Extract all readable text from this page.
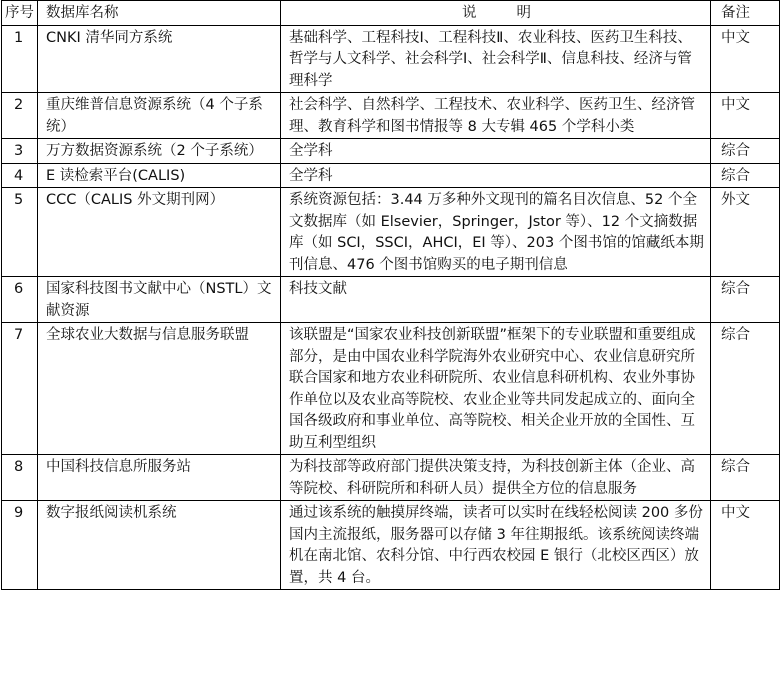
序号	数据库名称	说 明	备注
1	CNKI 清华同方系统	基础科学、工程科技Ⅰ、工程科技Ⅱ、农业科技、医药卫生科技、哲学与人文科学、社会科学Ⅰ、社会科学Ⅱ、信息科技、经济与管理科学	中文
2	重庆维普信息资源系统（4 个子系统）	社会科学、自然科学、工程技术、农业科学、医药卫生、经济管理、教育科学和图书情报等 8 大专辑 465 个学科小类	中文
3	万方数据资源系统（2 个子系统）	全学科	综合
4	E 读检索平台(CALIS)	全学科	综合
5	CCC（CALIS 外文期刊网）	系统资源包括：3.44 万多种外文现刊的篇名目次信息、52 个全文数据库（如 Elsevier，Springer，Jstor 等）、12 个文摘数据库（如 SCI，SSCI，AHCI，EI 等）、203 个图书馆的馆藏纸本期刊信息、476 个图书馆购买的电子期刊信息	外文
6	国家科技图书文献中心（NSTL）文献资源	科技文献	综合
7	全球农业大数据与信息服务联盟	该联盟是“国家农业科技创新联盟”框架下的专业联盟和重要组成部分，是由中国农业科学院海外农业研究中心、农业信息研究所联合国家和地方农业科研院所、农业信息科研机构、农业外事协作单位以及农业高等院校、农业企业等共同发起成立的、面向全国各级政府和事业单位、高等院校、相关企业开放的全国性、互助互利型组织	综合
8	中国科技信息所服务站	为科技部等政府部门提供决策支持，为科技创新主体（企业、高等院校、科研院所和科研人员）提供全方位的信息服务	综合
9	数字报纸阅读机系统	通过该系统的触摸屏终端，读者可以实时在线轻松阅读 200 多份国内主流报纸，服务器可以存储 3 年往期报纸。该系统阅读终端机在南北馆、农科分馆、中行西农校园 E 银行（北校区西区）放置，共 4 台。	中文
